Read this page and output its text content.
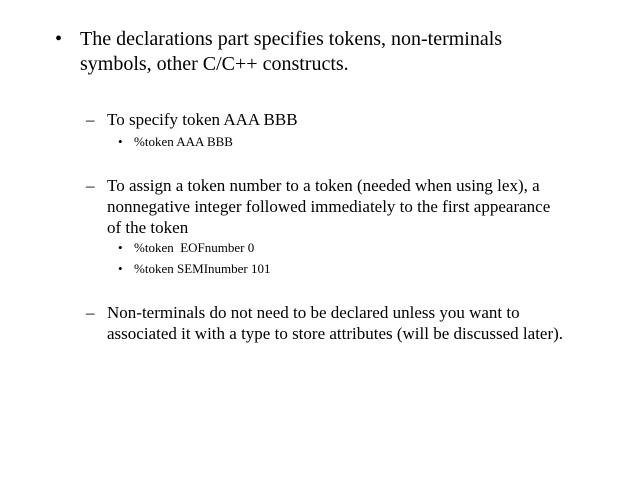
• The declarations part specifies tokens, non-terminals
symbols, other C/C++ constructs.
– To specify token AAA BBB
• %token AAA BBB
– To assign a token number to a token (needed when using lex), a
nonnegative integer followed immediately to the first appearance
of the token
• %token  EOFnumber 0
• %token SEMInumber 101
– Non-terminals do not need to be declared unless you want to
associated it with a type to store attributes (will be discussed later).
